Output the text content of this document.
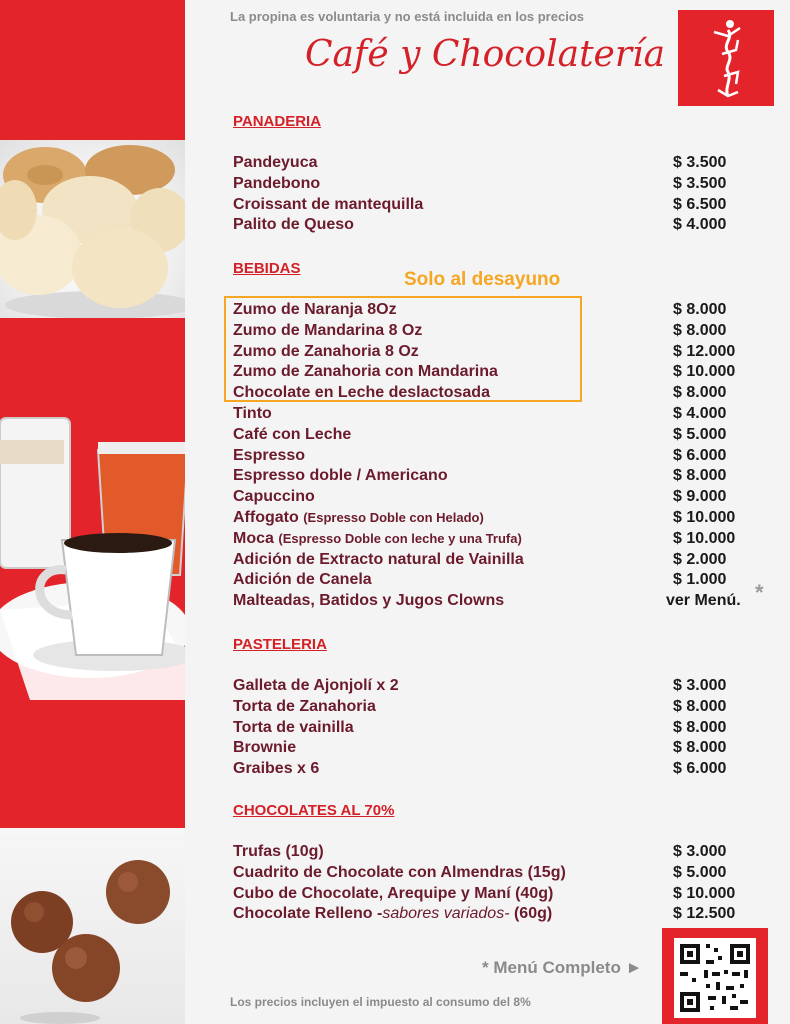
La propina es voluntaria y no está incluida en los precios

Café y Chocolatería
PANADERIA
Pandeyuca	$ 3.500
Pandebono	$ 3.500
Croissant de mantequilla	$ 6.500
Palito de Queso	$ 4.000
BEBIDAS
Solo al desayuno
Zumo de Naranja 8Oz	$ 8.000
Zumo de Mandarina 8 Oz	$ 8.000
Zumo de Zanahoria 8 Oz	$ 12.000
Zumo de Zanahoria con Mandarina	$ 10.000
Chocolate en Leche deslactosada	$ 8.000
Tinto	$ 4.000
Café con Leche	$ 5.000
Espresso	$ 6.000
Espresso doble / Americano	$ 8.000
Capuccino	$ 9.000
Affogato (Espresso Doble con Helado)	$ 10.000
Moca (Espresso Doble con leche y una Trufa)	$ 10.000
Adición de Extracto natural de Vainilla	$ 2.000
Adición de Canela	$ 1.000
Malteadas, Batidos y Jugos Clowns	ver Menú. *
PASTELERIA
Galleta de Ajonjolí x 2	$ 3.000
Torta de Zanahoria	$ 8.000
Torta de vainilla	$ 8.000
Brownie	$ 8.000
Graibes x 6	$ 6.000
CHOCOLATES AL 70%
Trufas (10g)	$ 3.000
Cuadrito de Chocolate con Almendras (15g)	$ 5.000
Cubo de Chocolate, Arequipe y Maní (40g)	$ 10.000
Chocolate Relleno -sabores variados- (60g)	$ 12.500
* Menú Completo ►

Los precios incluyen el impuesto al consumo del 8%
